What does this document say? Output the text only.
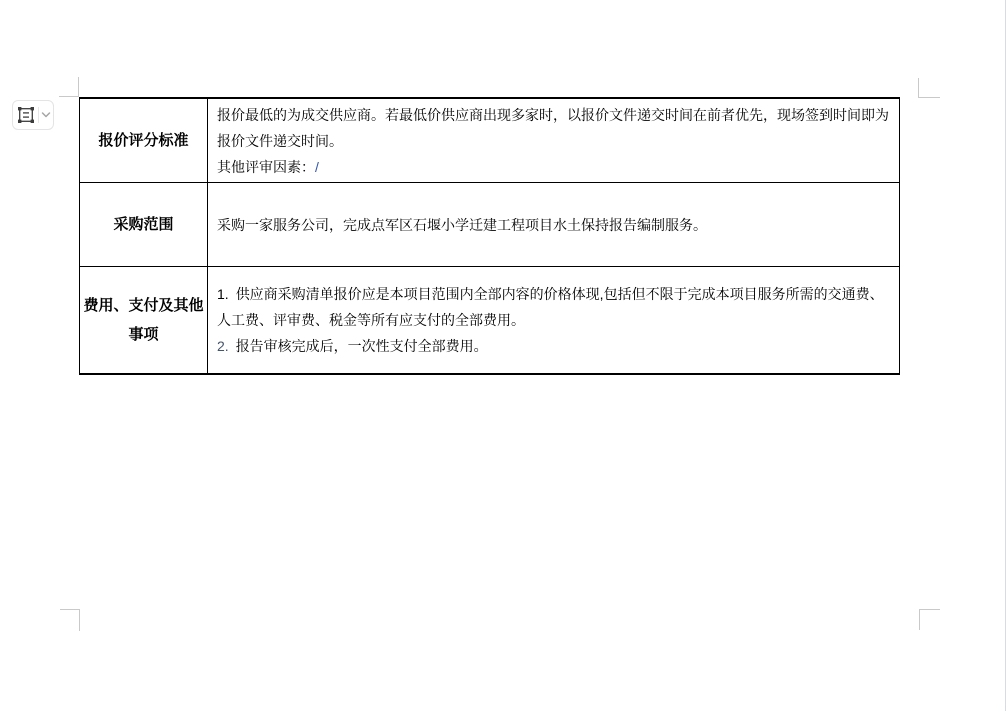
报价评分标准

报价最低的为成交供应商。若最低价供应商出现多家时，以报价文件递交时间在前者优先，现场签到时间即为报价文件递交时间。

其他评审因素：/

采购范围	采购一家服务公司，完成点军区石堰小学迁建工程项目水土保持报告编制服务。

费用、支付及其他事项

1. 供应商采购清单报价应是本项目范围内全部内容的价格体现,包括但不限于完成本项目服务所需的交通费、人工费、评审费、税金等所有应支付的全部费用。

2. 报告审核完成后，一次性支付全部费用。
